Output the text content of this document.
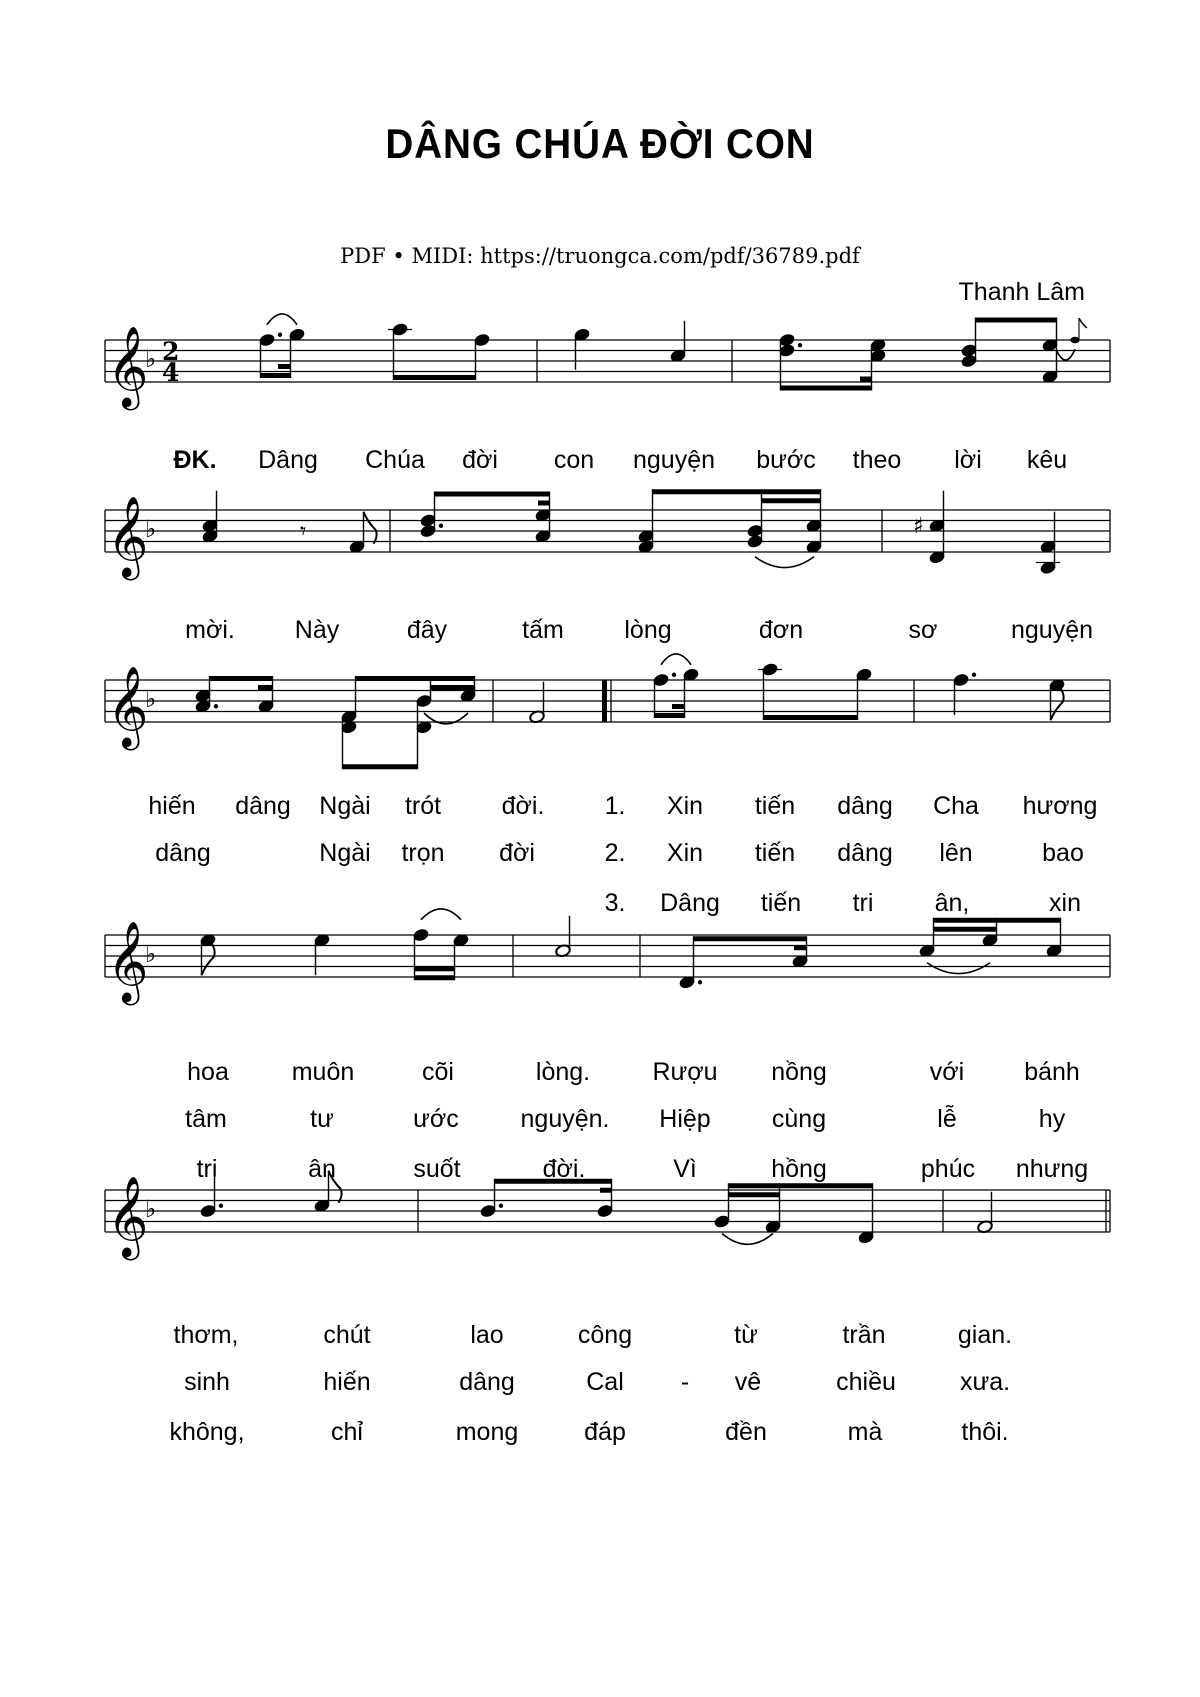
DÂNG CHÚA ĐỜI CON
PDF • MIDI: https://truongca.com/pdf/36789.pdf
Thanh Lâm
𝄞
♭ 2
4
𝄞
♭	𝄾	♯
𝄞
♭
𝄞
♭
𝄞
♭
ĐK. Dâng Chúa đời con nguyện bước theo lời kêu
mời. Này	đây	tấm lòng	đơn	sơ	nguyện
hiến dâng Ngài trót đời. 1. Xin tiến dâng Cha hương
dâng	Ngài trọn đời	2. Xin tiến dâng lên	bao
3. Dâng tiến tri ân,	xin
hoa	muôn	cõi	lòng. Rượu nồng	với bánh
tâm	tư	ước nguyện. Hiệp cùng	lễ	hy
tri	ân	suốt	đời.	Vì	hồng	phúc nhưng
thơm,	chút	lao	công	từ	trần	gian.
sinh	hiến	dâng	Cal - vê	chiều	xưa.
không,	chỉ	mong	đáp	đền	mà	thôi.
